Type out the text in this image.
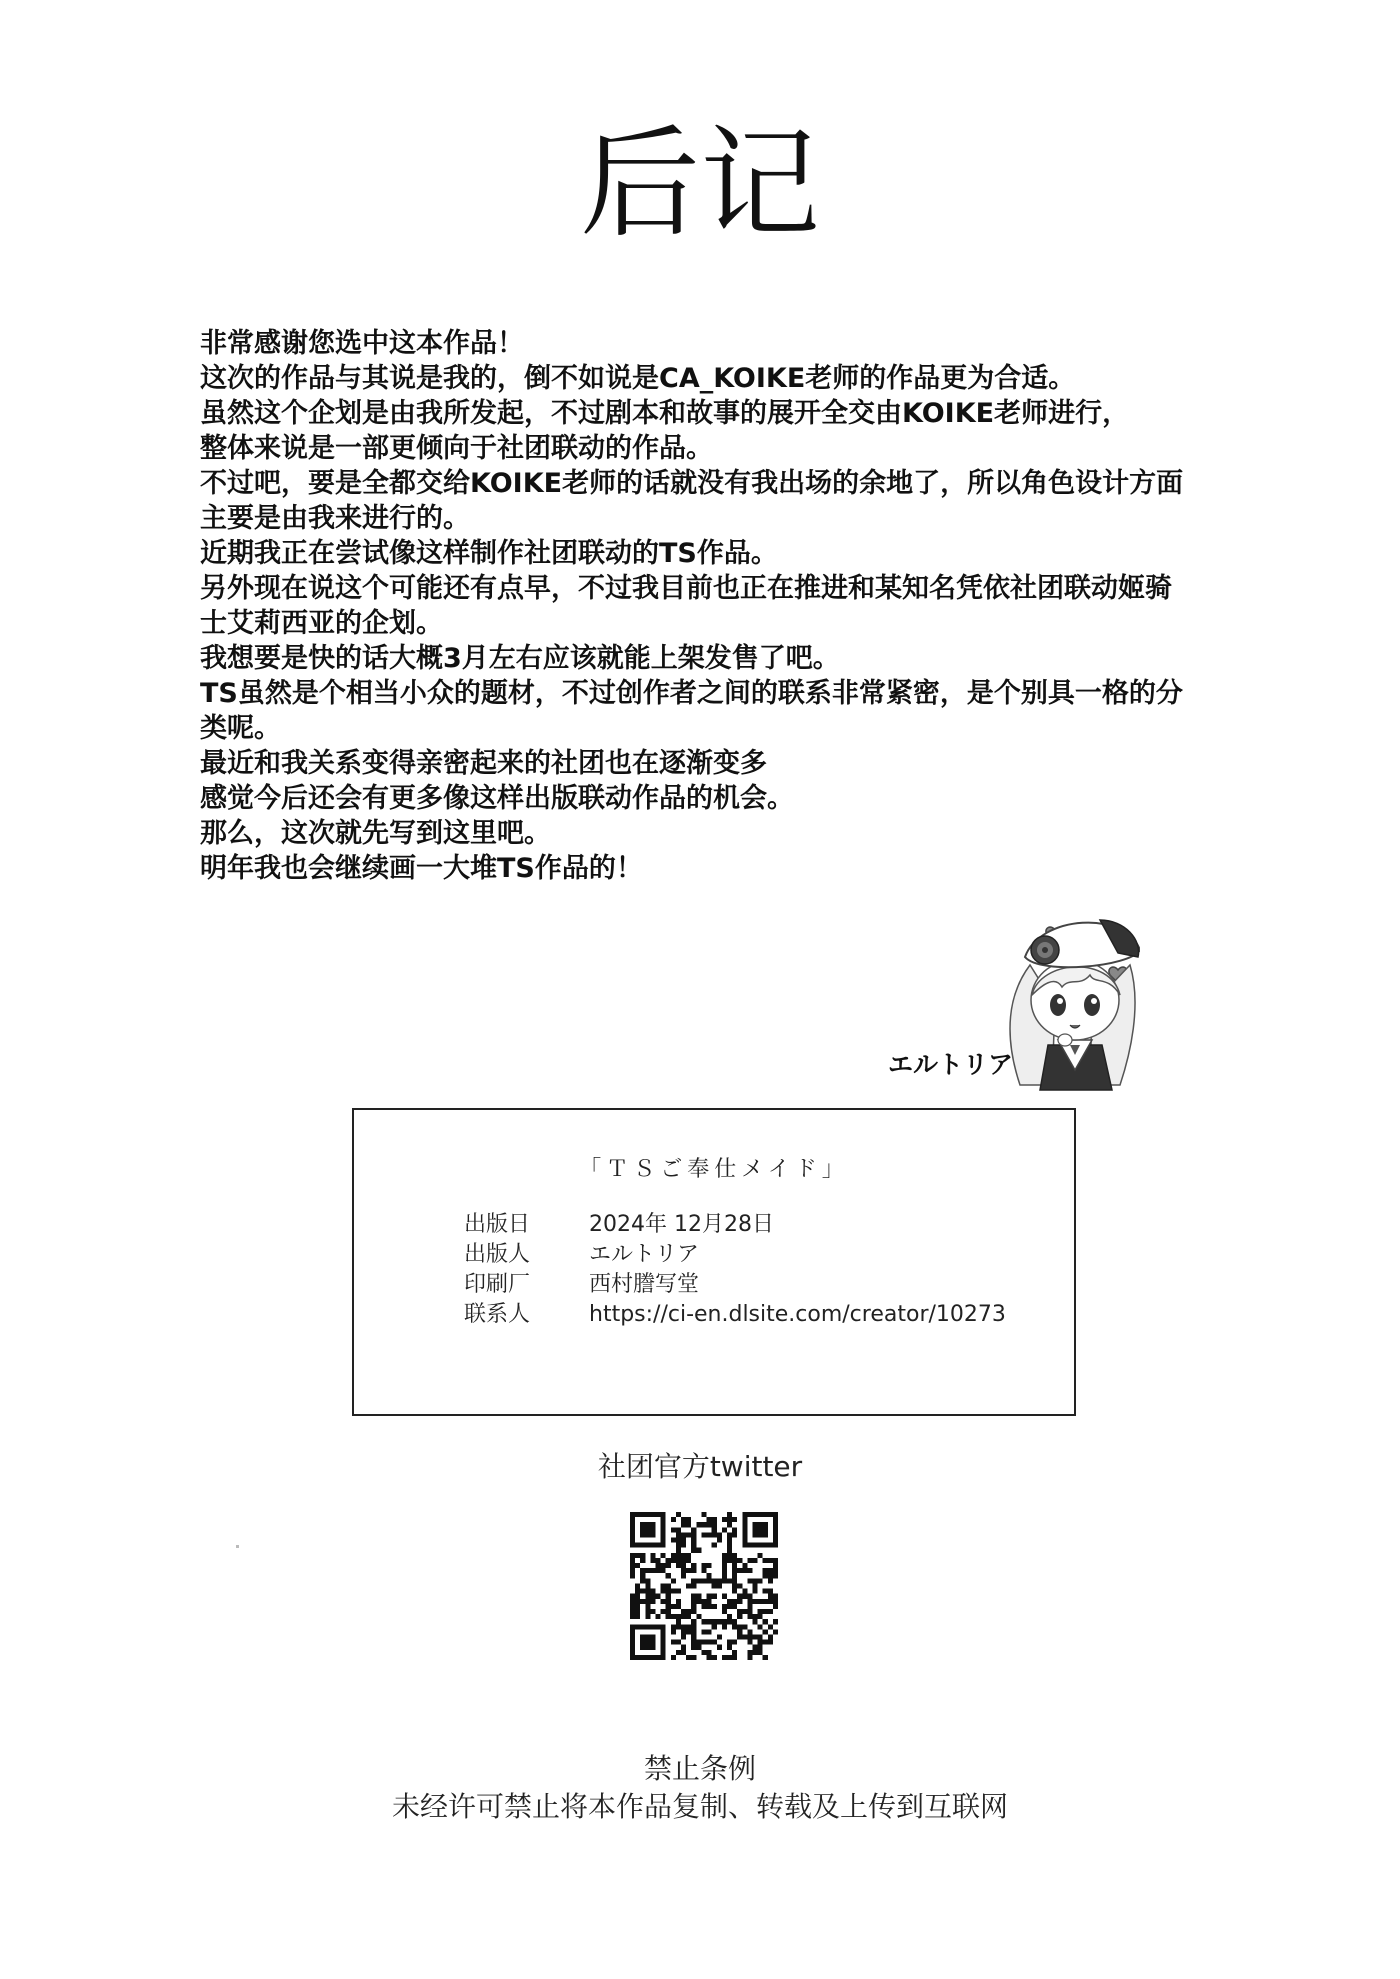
后记

非常感谢您选中这本作品！

这次的作品与其说是我的，倒不如说是CA_KOIKE老师的作品更为合适。

虽然这个企划是由我所发起，不过剧本和故事的展开全交由KOIKE老师进行，

整体来说是一部更倾向于社团联动的作品。

不过吧，要是全都交给KOIKE老师的话就没有我出场的余地了，所以角色设计方面

主要是由我来进行的。

近期我正在尝试像这样制作社团联动的TS作品。

另外现在说这个可能还有点早，不过我目前也正在推进和某知名凭依社团联动姬骑

士艾莉西亚的企划。

我想要是快的话大概3月左右应该就能上架发售了吧。

TS虽然是个相当小众的题材，不过创作者之间的联系非常紧密，是个别具一格的分

类呢。

最近和我关系变得亲密起来的社团也在逐渐变多

感觉今后还会有更多像这样出版联动作品的机会。

那么，这次就先写到这里吧。

明年我也会继续画一大堆TS作品的！

エルトリア
「ＴＳご奉仕メイド」
出版日	2024年 12月28日
出版人	エルトリア
印刷厂	西村謄写堂
联系人	https://ci-en.dlsite.com/creator/10273
社团官方twitter
禁止条例
未经许可禁止将本作品复制、转载及上传到互联网
